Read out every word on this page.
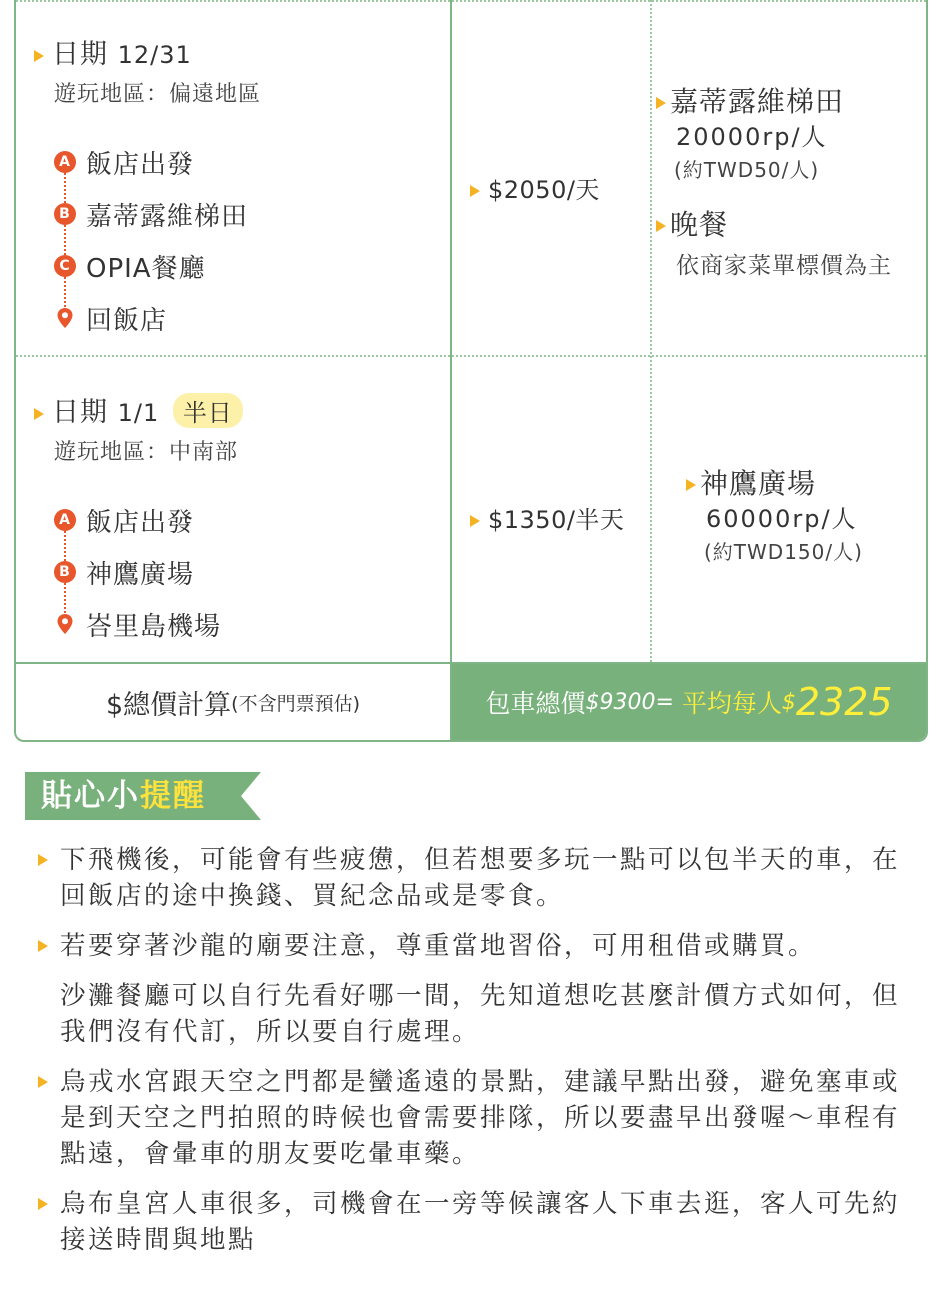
日期 12/31
遊玩地區：偏遠地區
A 飯店出發
B 嘉蒂露維梯田
C OPIA餐廳
回飯店
$2050/天
嘉蒂露維梯田
20000rp/人
(約TWD50/人)
晚餐
依商家菜單標價為主
日期 1/1 半日
遊玩地區：中南部
A 飯店出發
B 神鷹廣場
峇里島機場
$1350/半天
神鷹廣場
60000rp/人
(約TWD150/人)
$總價計算 (不含門票預估)	包車總價 $9300=
平均每人 $ 2325
貼心小提醒
下飛機後，可能會有些疲憊，但若想要多玩一點可以包半天的車，在回飯店的途中換錢、買紀念品或是零食。
若要穿著沙龍的廟要注意，尊重當地習俗，可用租借或購買。
沙灘餐廳可以自行先看好哪一間，先知道想吃甚麼計價方式如何，但我們沒有代訂，所以要自行處理。
烏戎水宮跟天空之門都是蠻遙遠的景點，建議早點出發，避免塞車或是到天空之門拍照的時候也會需要排隊，所以要盡早出發喔～車程有點遠，會暈車的朋友要吃暈車藥。
烏布皇宮人車很多，司機會在一旁等候讓客人下車去逛，客人可先約接送時間與地點
